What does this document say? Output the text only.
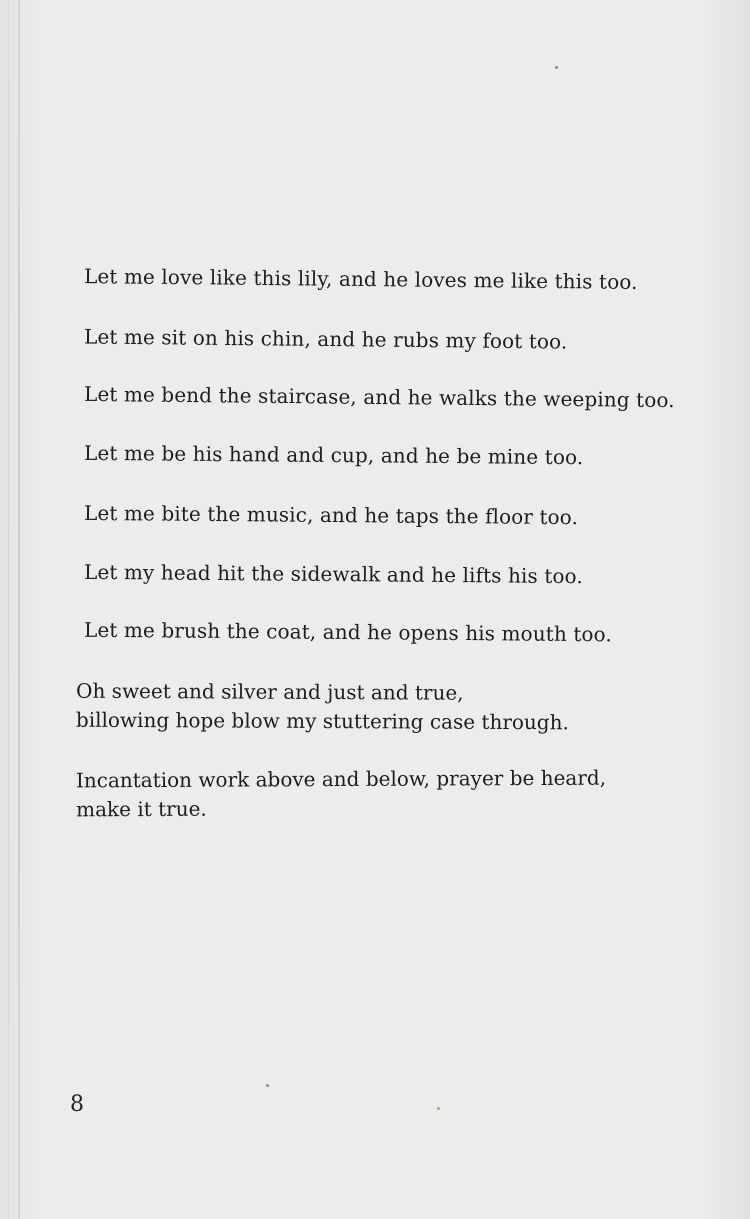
Let me love like this lily, and he loves me like this too.
Let me sit on his chin, and he rubs my foot too.
Let me bend the staircase, and he walks the weeping too.
Let me be his hand and cup, and he be mine too.
Let me bite the music, and he taps the floor too.
Let my head hit the sidewalk and he lifts his too.
Let me brush the coat, and he opens his mouth too.
Oh sweet and silver and just and true,
billowing hope blow my stuttering case through.
Incantation work above and below, prayer be heard,
make it true.
8
